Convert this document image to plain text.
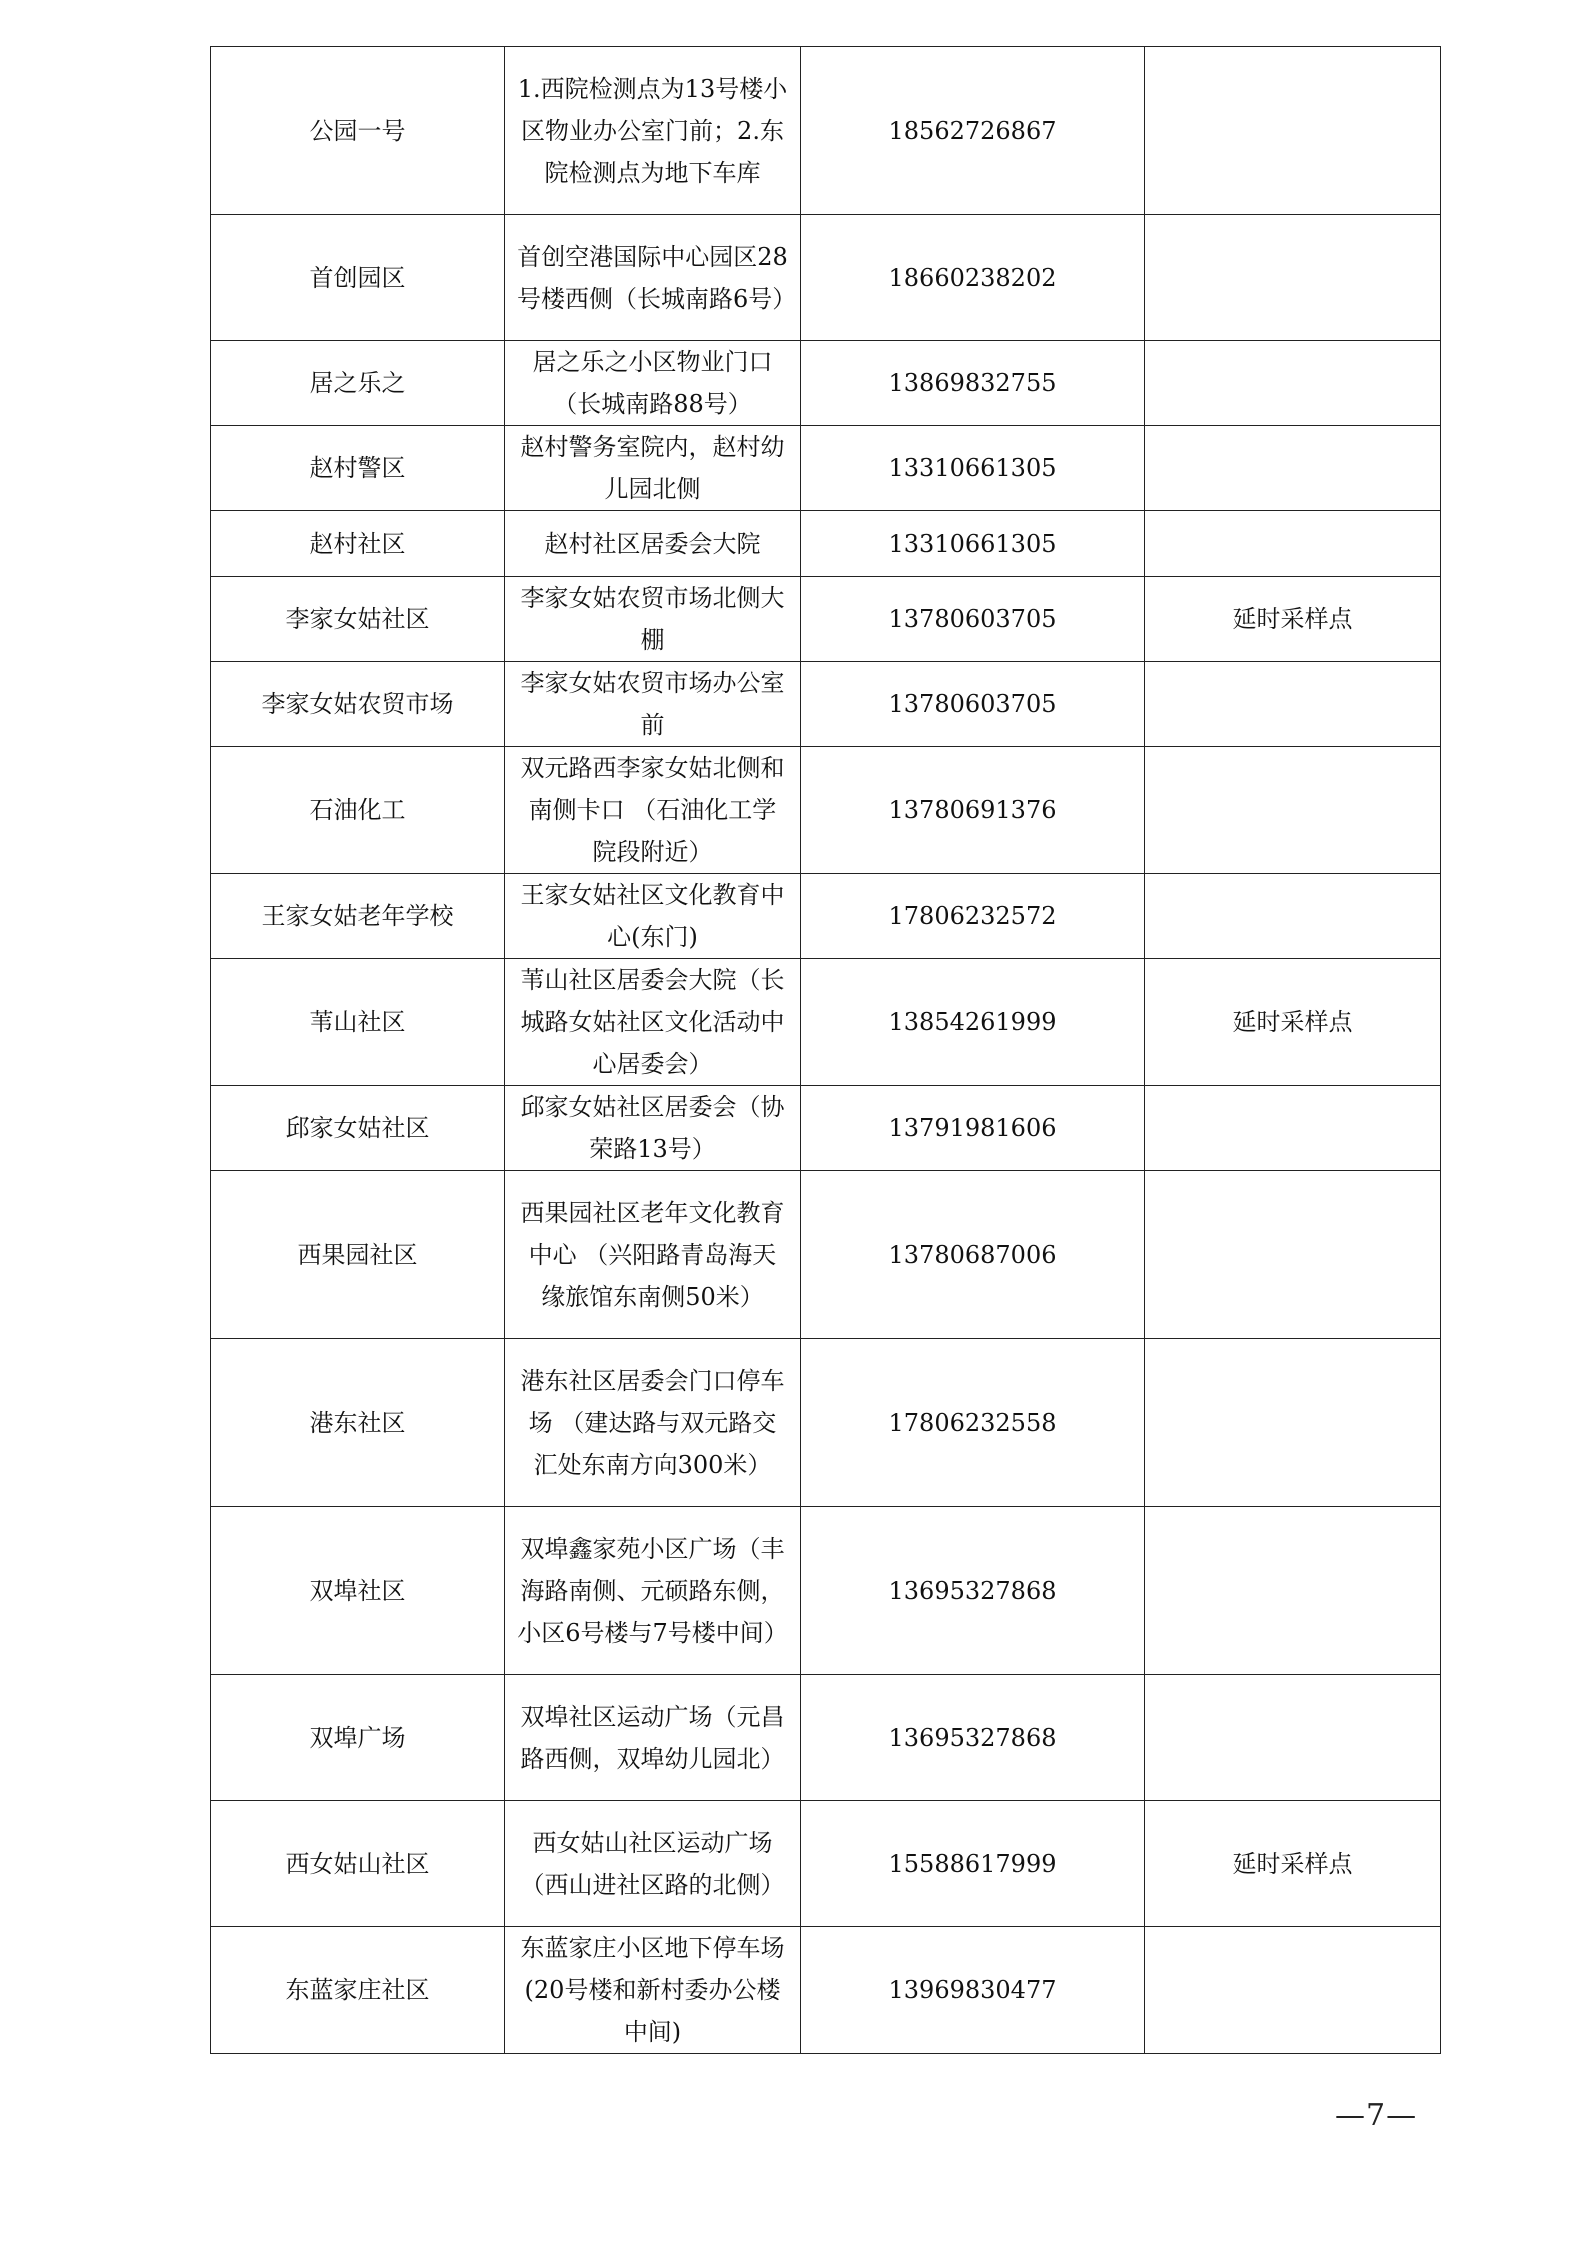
公园一号	1.西院检测点为13号楼小区物业办公室门前；2.东院检测点为地下车库	18562726867	
首创园区	首创空港国际中心园区28号楼西侧（长城南路6号）	18660238202	
居之乐之	居之乐之小区物业门口（长城南路88号）	13869832755	
赵村警区	赵村警务室院内，赵村幼儿园北侧	13310661305	
赵村社区	赵村社区居委会大院	13310661305	
李家女姑社区	李家女姑农贸市场北侧大棚	13780603705	延时采样点
李家女姑农贸市场	李家女姑农贸市场办公室前	13780603705	
石油化工	双元路西李家女姑北侧和南侧卡口 （石油化工学院段附近）	13780691376	
王家女姑老年学校	王家女姑社区文化教育中心(东门)	17806232572	
苇山社区	苇山社区居委会大院（长城路女姑社区文化活动中心居委会）	13854261999	延时采样点
邱家女姑社区	邱家女姑社区居委会（协荣路13号）	13791981606	
西果园社区	西果园社区老年文化教育中心 （兴阳路青岛海天缘旅馆东南侧50米）	13780687006	
港东社区	港东社区居委会门口停车场 （建达路与双元路交汇处东南方向300米）	17806232558	
双埠社区	双埠鑫家苑小区广场（丰海路南侧、元硕路东侧，小区6号楼与7号楼中间）	13695327868	
双埠广场	双埠社区运动广场（元昌路西侧，双埠幼儿园北）	13695327868	
西女姑山社区	西女姑山社区运动广场（西山进社区路的北侧）	15588617999	延时采样点
东蓝家庄社区	东蓝家庄小区地下停车场(20号楼和新村委办公楼中间)	13969830477	
—7—
